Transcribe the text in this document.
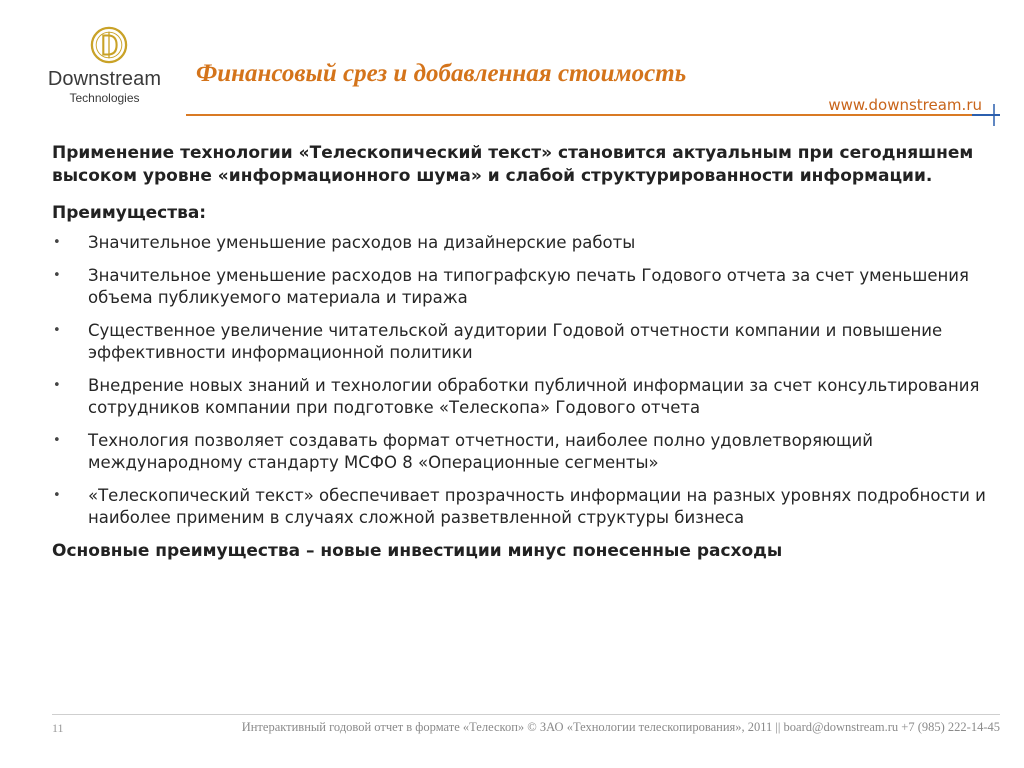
Downstream
Technologies
Финансовый срез и добавленная стоимость
www.downstream.ru

Применение технологии «Телескопический текст» становится актуальным при сегодняшнем высоком уровне «информационного шума» и слабой структурированности информации.

Преимущества:

• Значительное уменьшение расходов на дизайнерские работы
• Значительное уменьшение расходов на типографскую печать Годового отчета за счет уменьшения объема публикуемого материала и тиража
• Существенное увеличение читательской аудитории Годовой отчетности компании и повышение эффективности информационной политики
• Внедрение новых знаний и технологии обработки публичной информации за счет консультирования сотрудников компании при подготовке «Телескопа» Годового отчета
• Технология позволяет создавать формат отчетности, наиболее полно удовлетворяющий международному стандарту МСФО 8 «Операционные сегменты»
• «Телескопический текст» обеспечивает прозрачность информации на разных уровнях подробности и наиболее применим в случаях сложной разветвленной структуры бизнеса

Основные преимущества – новые инвестиции минус понесенные расходы

11	Интерактивный годовой отчет в формате «Телескоп» © ЗАО «Технологии телескопирования», 2011 || board@downstream.ru +7 (985) 222-14-45
